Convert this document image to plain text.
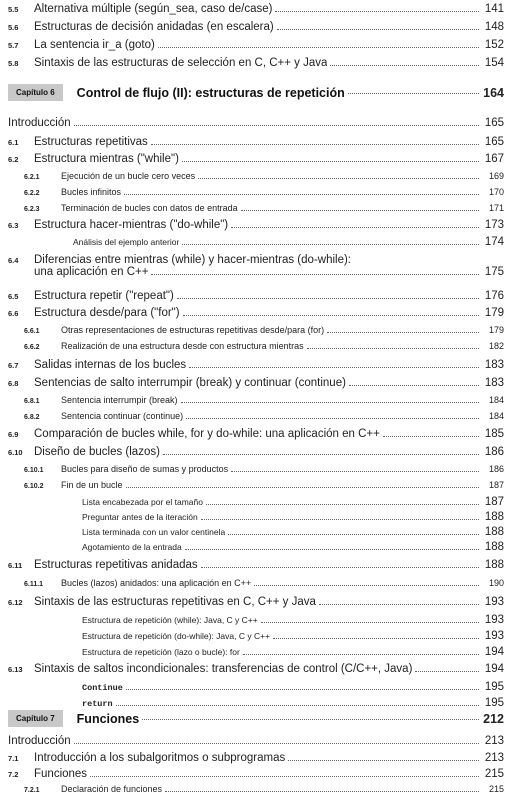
5.5	Alternativa múltiple (según_sea, caso de/case)	141
5.6	Estructuras de decisión anidadas (en escalera)	148
5.7	La sentencia ir_a (goto)	152
5.8	Sintaxis de las estructuras de selección en C, C++ y Java	154
Capítulo 6	Control de flujo (II): estructuras de repetición	164
Introducción	165
6.1	Estructuras repetitivas	165
6.2	Estructura mientras ("while")	167
6.2.1	Ejecución de un bucle cero veces	169
6.2.2	Bucles infinitos	170
6.2.3	Terminación de bucles con datos de entrada	171
6.3	Estructura hacer-mientras ("do-while")	173
Análisis del ejemplo anterior	174
6.4	Diferencias entre mientras (while) y hacer-mientras (do-while):
una aplicación en C++	175
6.5	Estructura repetir ("repeat")	176
6.6	Estructura desde/para ("for")	179
6.6.1	Otras representaciones de estructuras repetitivas desde/para (for)	179
6.6.2	Realización de una estructura desde con estructura mientras	182
6.7	Salidas internas de los bucles	183
6.8	Sentencias de salto interrumpir (break) y continuar (continue)	183
6.8.1	Sentencia interrumpir (break)	184
6.8.2	Sentencia continuar (continue)	184
6.9	Comparación de bucles while, for y do-while: una aplicación en C++	185
6.10 Diseño de bucles (lazos)	186
6.10.1	Bucles para diseño de sumas y productos	186
6.10.2	Fin de un bucle	187
Lista encabezada por el tamaño	187
Preguntar antes de la iteración	188
Lista terminada con un valor centinela	188
Agotamiento de la entrada	188
6.11	Estructuras repetitivas anidadas	188
6.11.1	Bucles (lazos) anidados: una aplicación en C++	190
6.12 Sintaxis de las estructuras repetitivas en C, C++ y Java	193
Estructura de repetición (while): Java, C y C++	193
Estructura de repetición (do-while): Java, C y C++	193
Estructura de repetición (lazo o bucle): for	194
6.13 Sintaxis de saltos incondicionales: transferencias de control (C/C++, Java)	194
Continue	195
return	195
Capítulo 7	Funciones	212
Introducción	213
7.1	Introducción a los subalgoritmos o subprogramas	213
7.2	Funciones	215
7.2.1	Declaración de funciones	215
